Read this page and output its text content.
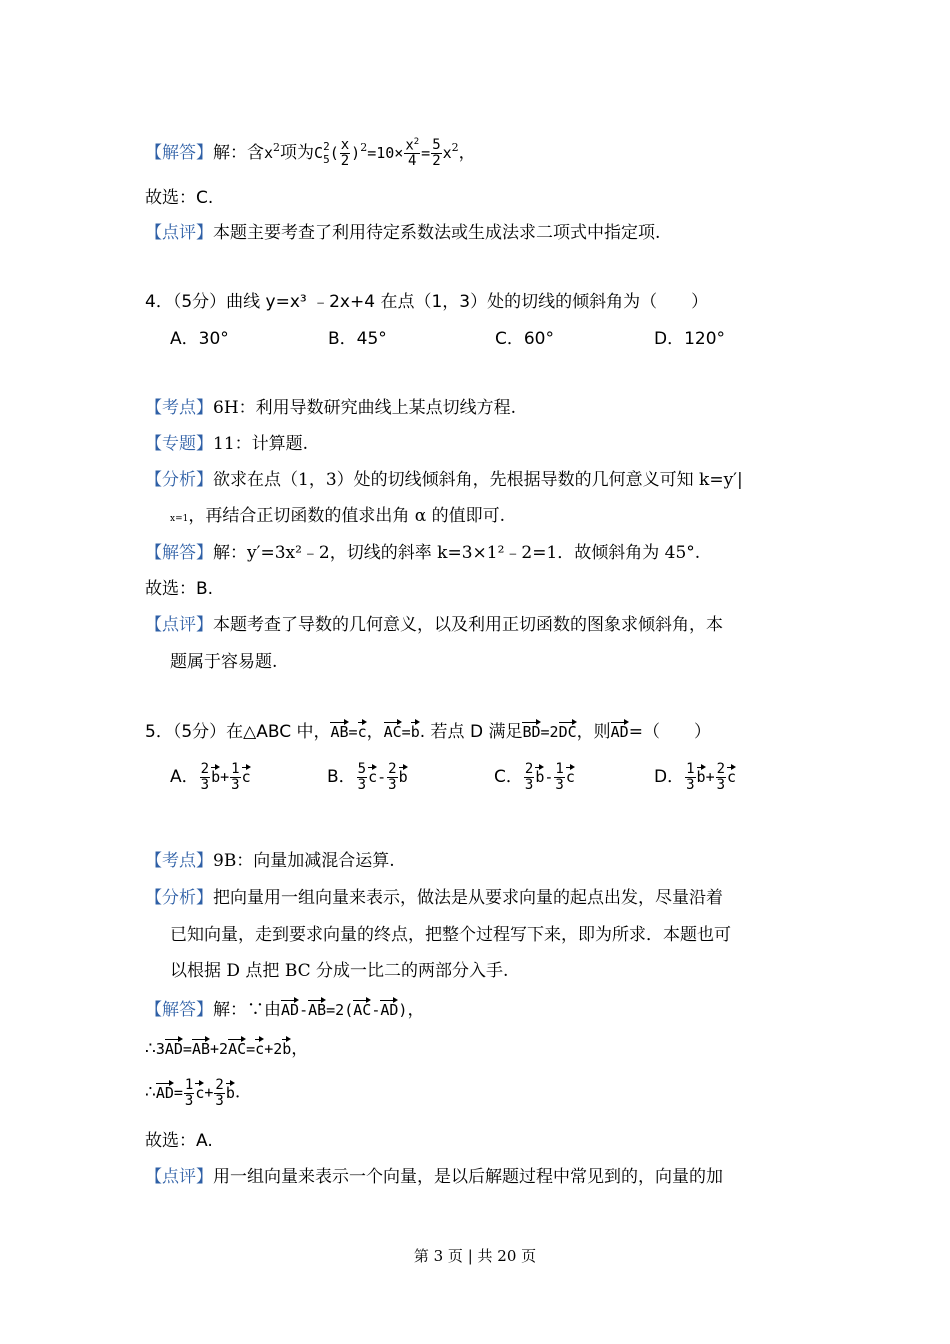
【解答】解：含$x^2$项为C 2
5 ( $\frac{x}{2} )^2=10\times \frac{x^2}{4} = \frac{5}{2} x^2$，
故选：C.
【点评】本题主要考查了利用待定系数法或生成法求二项式中指定项.
4．（5分）曲线 y=x³ ﹣2x+4 在点（1，3）处的切线的倾斜角为（　　）
A．30°	B．45°	C．60°	D．120°
【考点】6H：利用导数研究曲线上某点切线方程.
【专题】11：计算题.
【分析】欲求在点（1，3）处的切线倾斜角，先根据导数的几何意义可知 k=y′|
x=1，再结合正切函数的值求出角 α 的值即可.
【解答】解：y′=3x²﹣2，切线的斜率 k=3×1²﹣2=1．故倾斜角为 45°.
故选：B.
【点评】本题考查了导数的几何意义，以及利用正切函数的图象求倾斜角，本
题属于容易题.
5．（5分）在△ABC 中，AB=c，AC=b. 若点 D 满足BD=2DC，则AD=（　　）
A． $\frac{2}{3} b+ \frac{1}{3}$ c	B． $\frac{5}{3} c- \frac{2}{3}$ b	C． $\frac{2}{3} b- \frac{1}{3}$ c	D． $\frac{1}{3} b+ \frac{2}{3}$ c
【考点】9B：向量加减混合运算.
【分析】把向量用一组向量来表示，做法是从要求向量的起点出发，尽量沿着
已知向量，走到要求向量的终点，把整个过程写下来，即为所求．本题也可
以根据 D 点把 BC 分成一比二的两部分入手.
【解答】解：∵由AD-AB=2(AC-AD)，
∴3AD=AB+2AC=c+2b，
∴AD= $\frac{1}{3} c+ \frac{2}{3} b$.
故选：A.
【点评】用一组向量来表示一个向量，是以后解题过程中常见到的，向量的加
第 3 页 | 共 20 页
